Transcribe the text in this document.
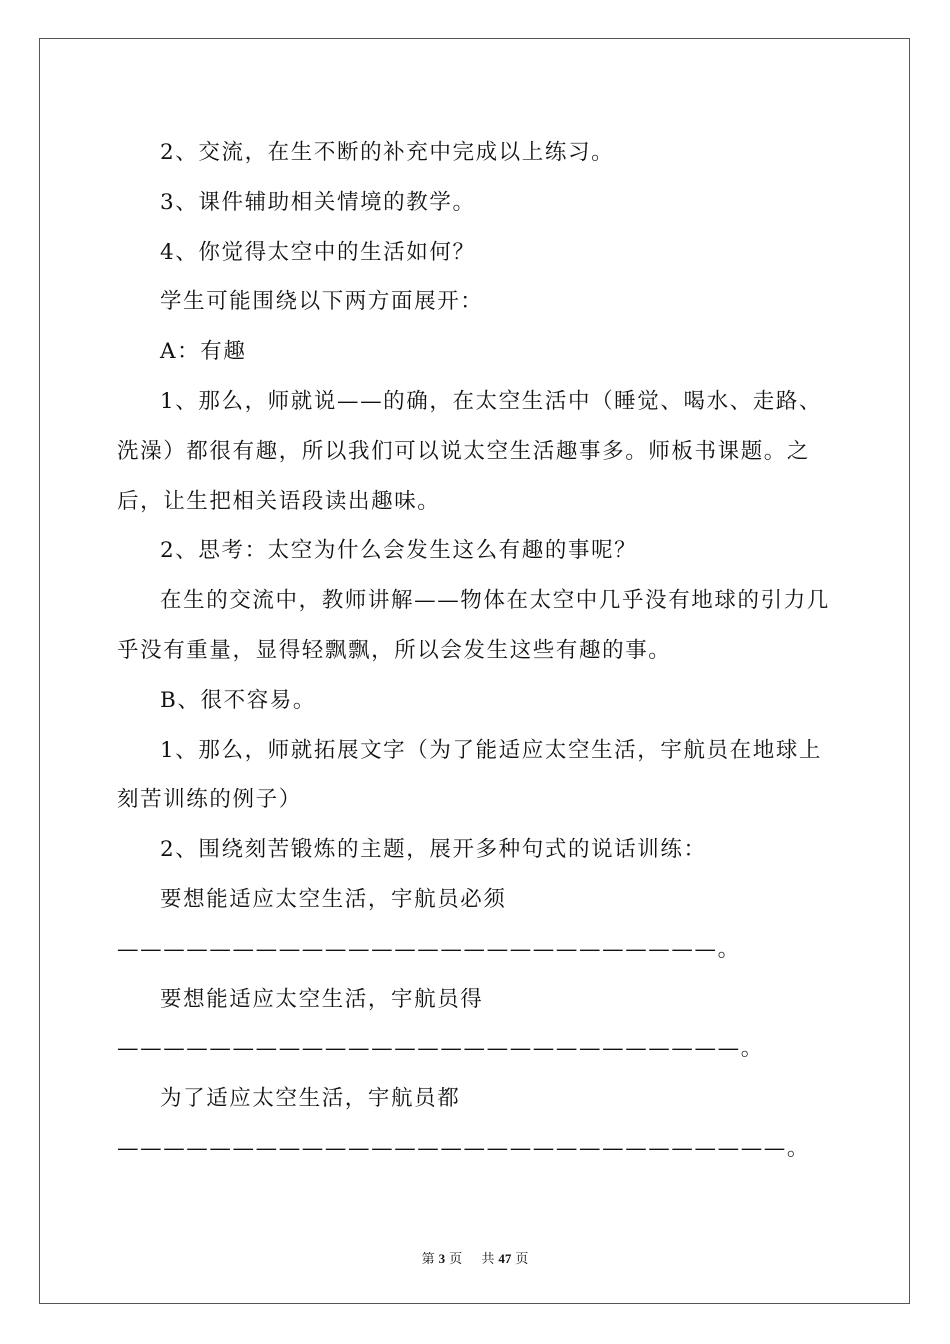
2、交流，在生不断的补充中完成以上练习。

3、课件辅助相关情境的教学。

4、你觉得太空中的生活如何？

学生可能围绕以下两方面展开：

A：有趣

1、那么，师就说——的确，在太空生活中（睡觉、喝水、走路、洗澡）都很有趣，所以我们可以说太空生活趣事多。师板书课题。之后，让生把相关语段读出趣味。

2、思考：太空为什么会发生这么有趣的事呢？

在生的交流中，教师讲解——物体在太空中几乎没有地球的引力几乎没有重量，显得轻飘飘，所以会发生这些有趣的事。

B、很不容易。

1、那么，师就拓展文字（为了能适应太空生活，宇航员在地球上刻苦训练的例子）

2、围绕刻苦锻炼的主题，展开多种句式的说话训练：

要想能适应太空生活，宇航员必须——————————————————————————。

要想能适应太空生活，宇航员得———————————————————————————。

为了适应太空生活，宇航员都—————————————————————————————。

第 3 页 共 47 页
